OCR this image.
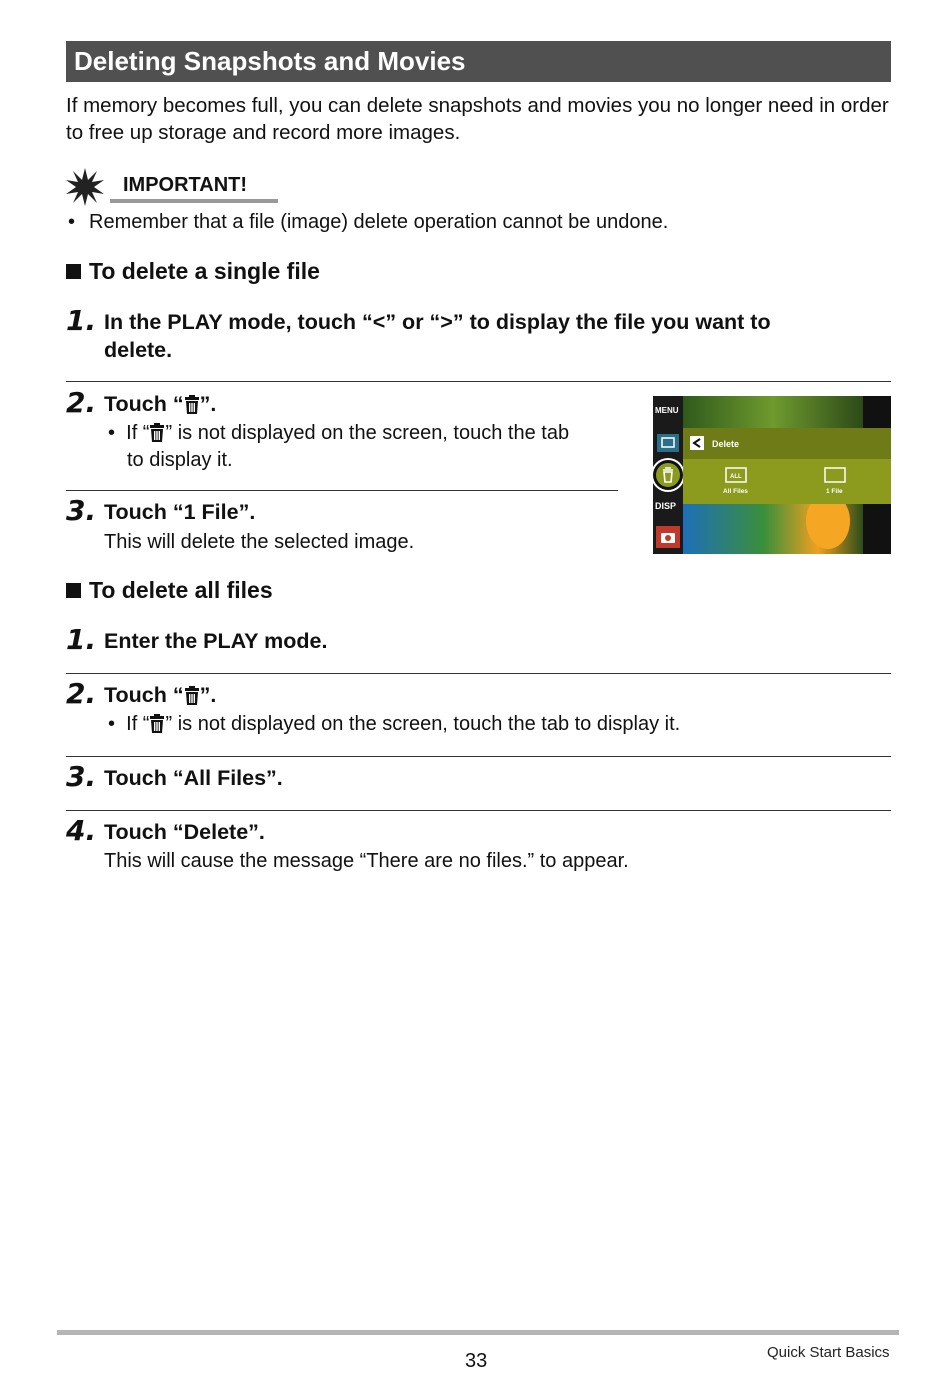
Deleting Snapshots and Movies
If memory becomes full, you can delete snapshots and movies you no longer need in order to free up storage and record more images.
IMPORTANT!
• Remember that a file (image) delete operation cannot be undone.
To delete a single file
1. In the PLAY mode, touch “<” or “>” to display the file you want to
delete.
2. Touch “ ”.
• If “ ” is not displayed on the screen, touch the tab
to display it.
3. Touch “1 File”.
This will delete the selected image.
MENU
DISP
Delete
ALL
All Files	1 File
To delete all files
1. Enter the PLAY mode.
2. Touch “ ”.
• If “ ” is not displayed on the screen, touch the tab to display it.
3. Touch “All Files”.
4. Touch “Delete”.
This will cause the message “There are no files.” to appear.
33	Quick Start Basics
